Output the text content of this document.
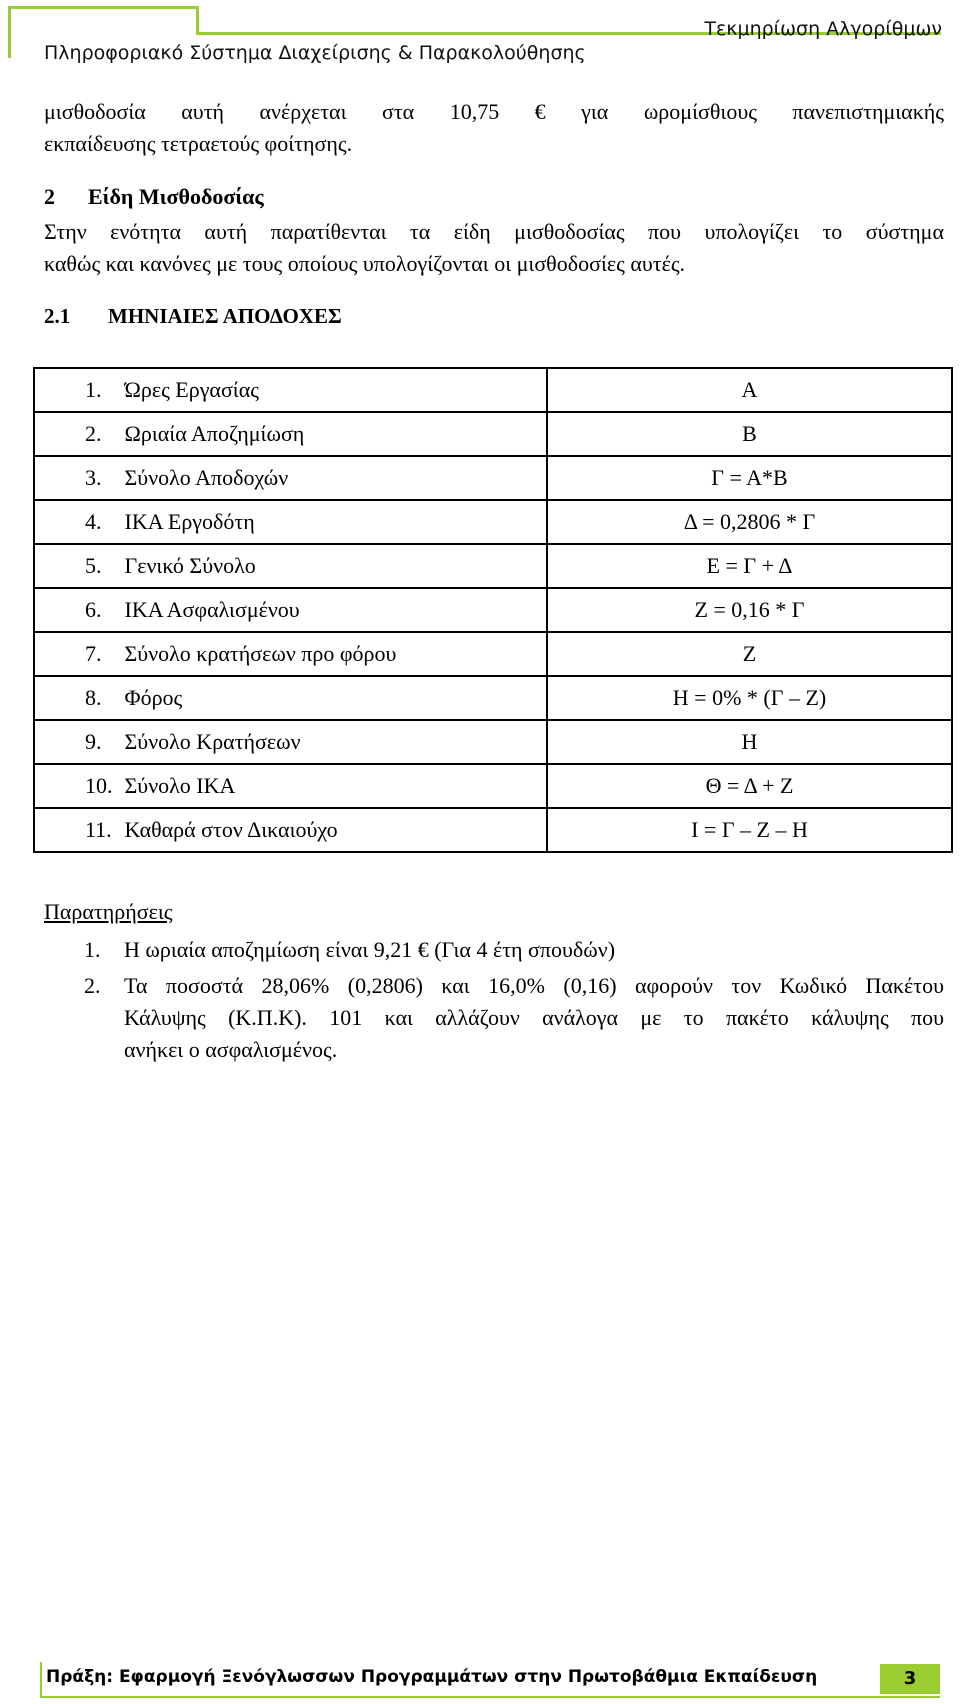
Τεκμηρίωση Αλγορίθμων
Πληροφοριακό Σύστημα Διαχείρισης & Παρακολούθησης
μισθοδοσία αυτή ανέρχεται στα 10,75 € για ωρομίσθιους πανεπιστημιακής
εκπαίδευσης τετραετούς φοίτησης.
2 Είδη Μισθοδοσίας
Στην ενότητα αυτή παρατίθενται τα είδη μισθοδοσίας που υπολογίζει το σύστημα
καθώς και κανόνες με τους οποίους υπολογίζονται οι μισθοδοσίες αυτές.
2.1 ΜΗΝΙΑΙΕΣ ΑΠΟΔΟΧΕΣ
1. Ώρες Εργασίας	Α
2. Ωριαία Αποζημίωση	Β
3. Σύνολο Αποδοχών	Γ = Α*Β
4. ΙΚΑ Εργοδότη	Δ = 0,2806 * Γ
5. Γενικό Σύνολο	Ε = Γ + Δ
6. ΙΚΑ Ασφαλισμένου	Ζ = 0,16 * Γ
7. Σύνολο κρατήσεων προ φόρου	Ζ
8. Φόρος	Η = 0% * (Γ – Ζ)
9. Σύνολο Κρατήσεων	Η
10. Σύνολο ΙΚΑ	Θ = Δ + Ζ
11. Καθαρά στον Δικαιούχο	Ι = Γ – Ζ – Η
Παρατηρήσεις
1. Η ωριαία αποζημίωση είναι 9,21 € (Για 4 έτη σπουδών)
2. Τα ποσοστά 28,06% (0,2806) και 16,0% (0,16) αφορούν τον Κωδικό Πακέτου
Κάλυψης (Κ.Π.Κ). 101 και αλλάζουν ανάλογα με το πακέτο κάλυψης που
ανήκει ο ασφαλισμένος.
Πράξη: Εφαρμογή Ξενόγλωσσων Προγραμμάτων στην Πρωτοβάθμια Εκπαίδευση	3
